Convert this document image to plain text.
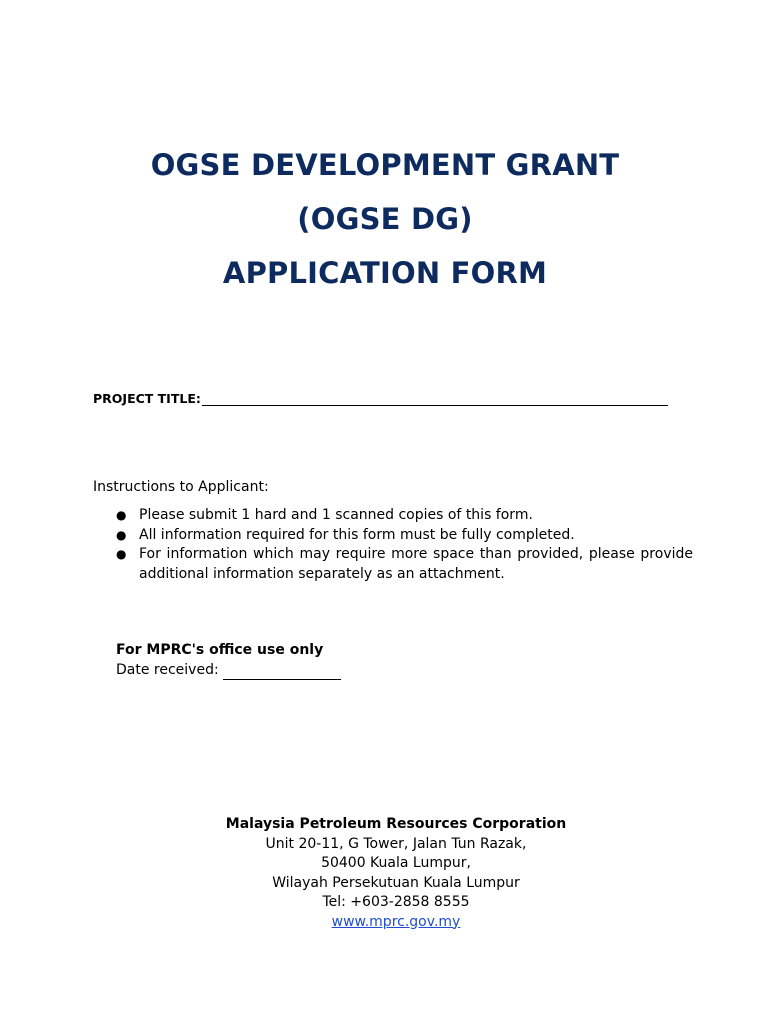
OGSE DEVELOPMENT GRANT
(OGSE DG)
APPLICATION FORM
PROJECT TITLE:
Instructions to Applicant:
● Please submit 1 hard and 1 scanned copies of this form.
● All information required for this form must be fully completed.
● For information which may require more space than provided, please provide additional information separately as an attachment.
For MPRC's office use only
Date received:
Malaysia Petroleum Resources Corporation
Unit 20-11, G Tower, Jalan Tun Razak,
50400 Kuala Lumpur,
Wilayah Persekutuan Kuala Lumpur
Tel: +603-2858 8555
www.mprc.gov.my
